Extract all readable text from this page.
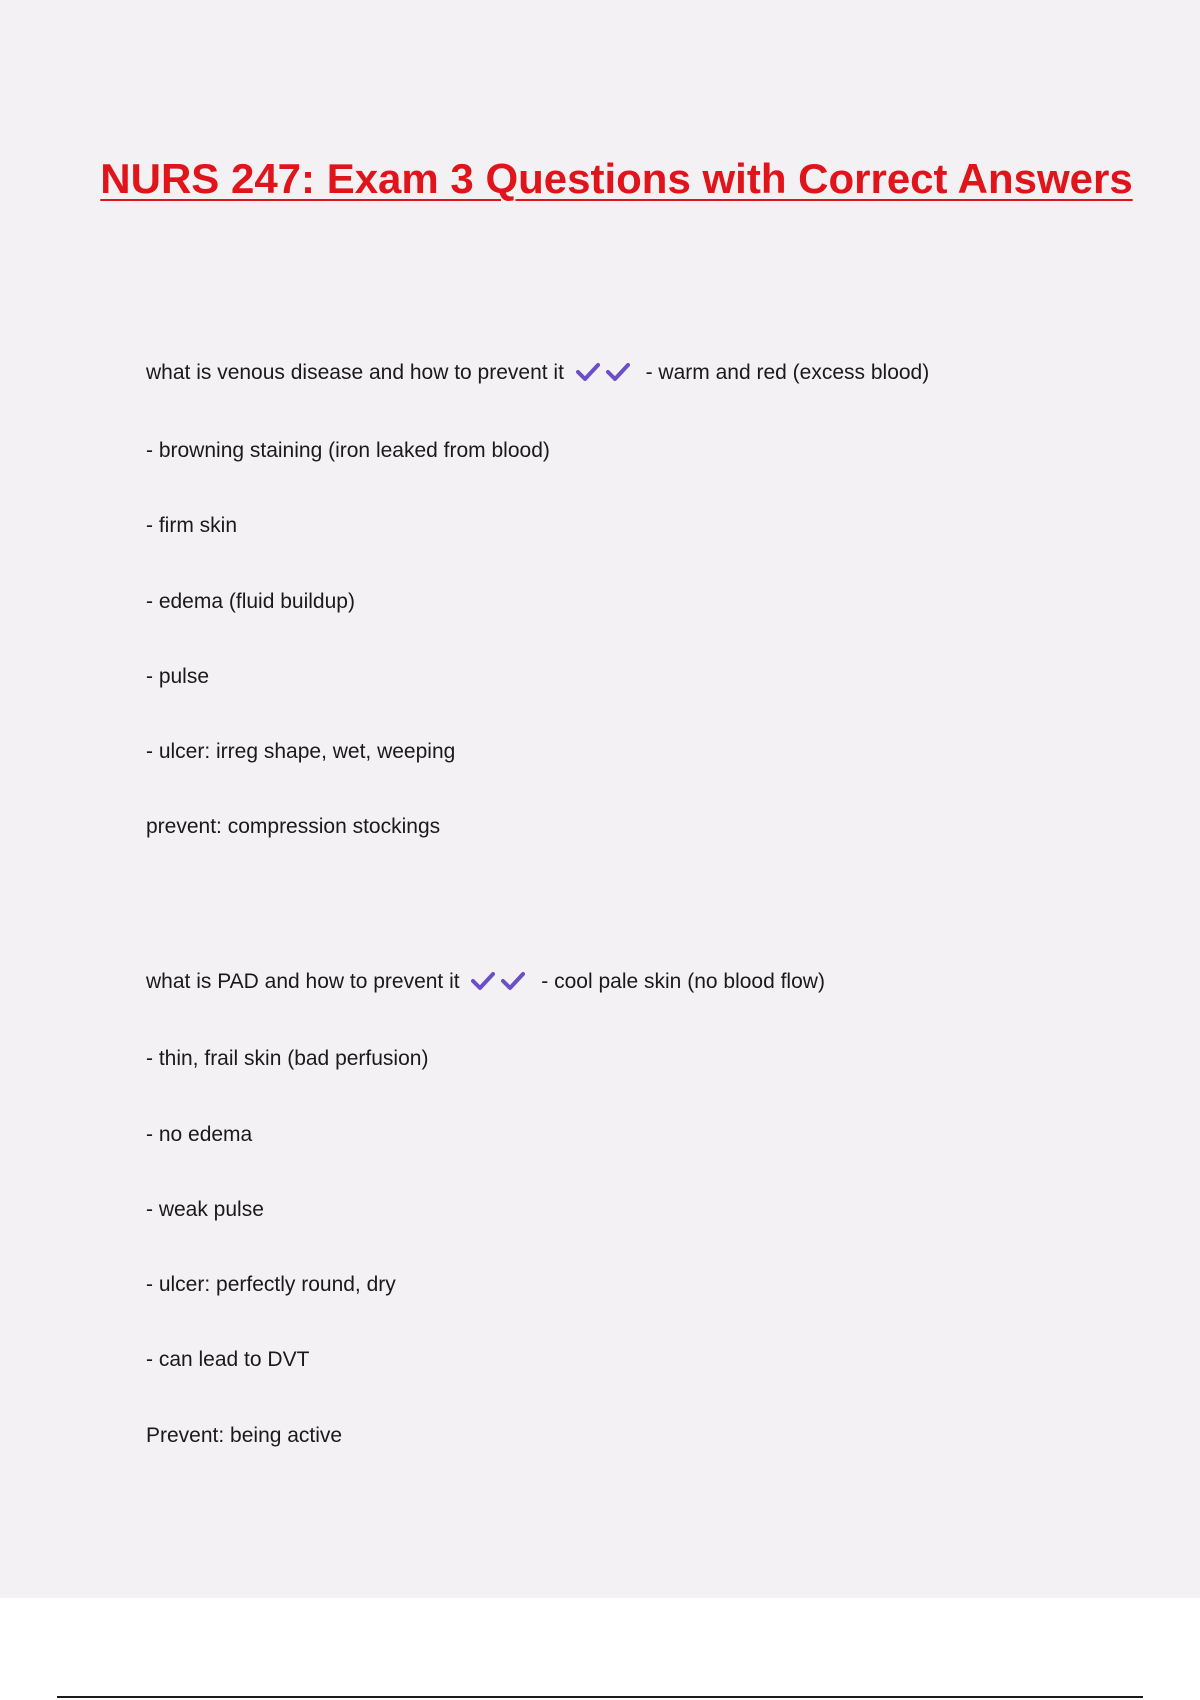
NURS 247: Exam 3 Questions with Correct Answers
what is venous disease and how to prevent it	- warm and red (excess blood)
- browning staining (iron leaked from blood)
- firm skin
- edema (fluid buildup)
- pulse
- ulcer: irreg shape, wet, weeping
prevent: compression stockings
what is PAD and how to prevent it	- cool pale skin (no blood flow)
- thin, frail skin (bad perfusion)
- no edema
- weak pulse
- ulcer: perfectly round, dry
- can lead to DVT
Prevent: being active
